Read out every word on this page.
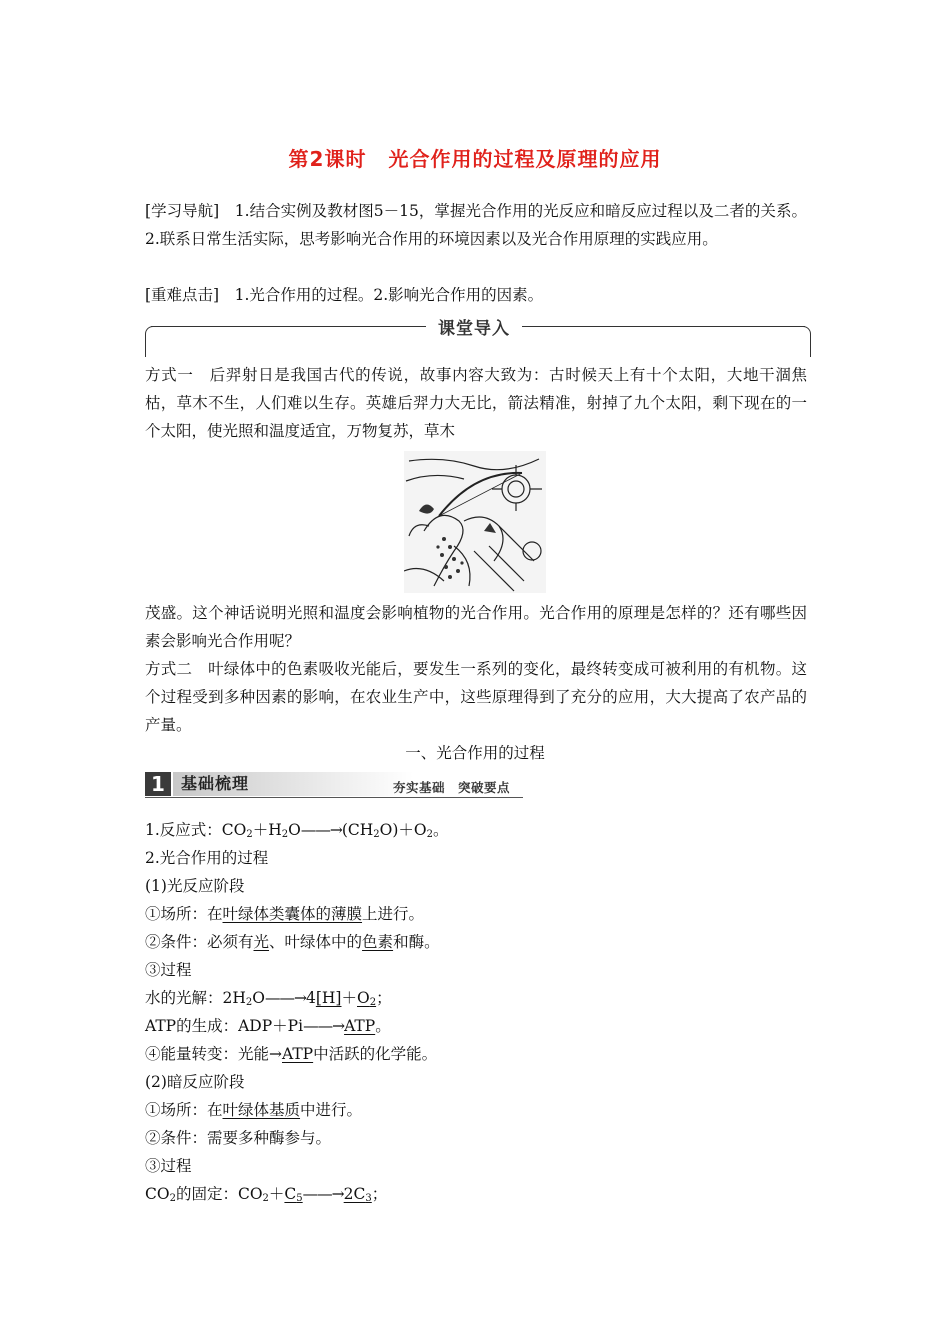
第2课时 光合作用的过程及原理的应用
[学习导航]　1.结合实例及教材图5－15，掌握光合作用的光反应和暗反应过程以及二者的关系。2.联系日常生活实际，思考影响光合作用的环境因素以及光合作用原理的实践应用。
[重难点击]　1.光合作用的过程。2.影响光合作用的因素。
课堂导入
方式一　后羿射日是我国古代的传说，故事内容大致为：古时候天上有十个太阳，大地干涸焦枯，草木不生，人们难以生存。英雄后羿力大无比，箭法精准，射掉了九个太阳，剩下现在的一个太阳，使光照和温度适宜，万物复苏，草木
茂盛。这个神话说明光照和温度会影响植物的光合作用。光合作用的原理是怎样的？还有哪些因素会影响光合作用呢？
方式二　叶绿体中的色素吸收光能后，要发生一系列的变化，最终转变成可被利用的有机物。这个过程受到多种因素的影响，在农业生产中，这些原理得到了充分的应用，大大提高了农产品的产量。
一、光合作用的过程
1	基础梳理	夯实基础　突破要点
1.反应式：$CO_2+H_2O——\to(CH_2O)+O_2$。
2.光合作用的过程
(1)光反应阶段
①场所：在叶绿体类囊体的薄膜上进行。
②条件：必须有光、叶绿体中的色素和酶。
③过程
水的光解：$2H_2O——\to 4[H]+O_2$；
ATP的生成：ADP＋Pi——→ATP。
④能量转变：光能→ATP中活跃的化学能。
(2)暗反应阶段
①场所：在叶绿体基质中进行。
②条件：需要多种酶参与。
③过程
$CO_2$的固定：$CO_2+C_5——\to 2C_3$；
